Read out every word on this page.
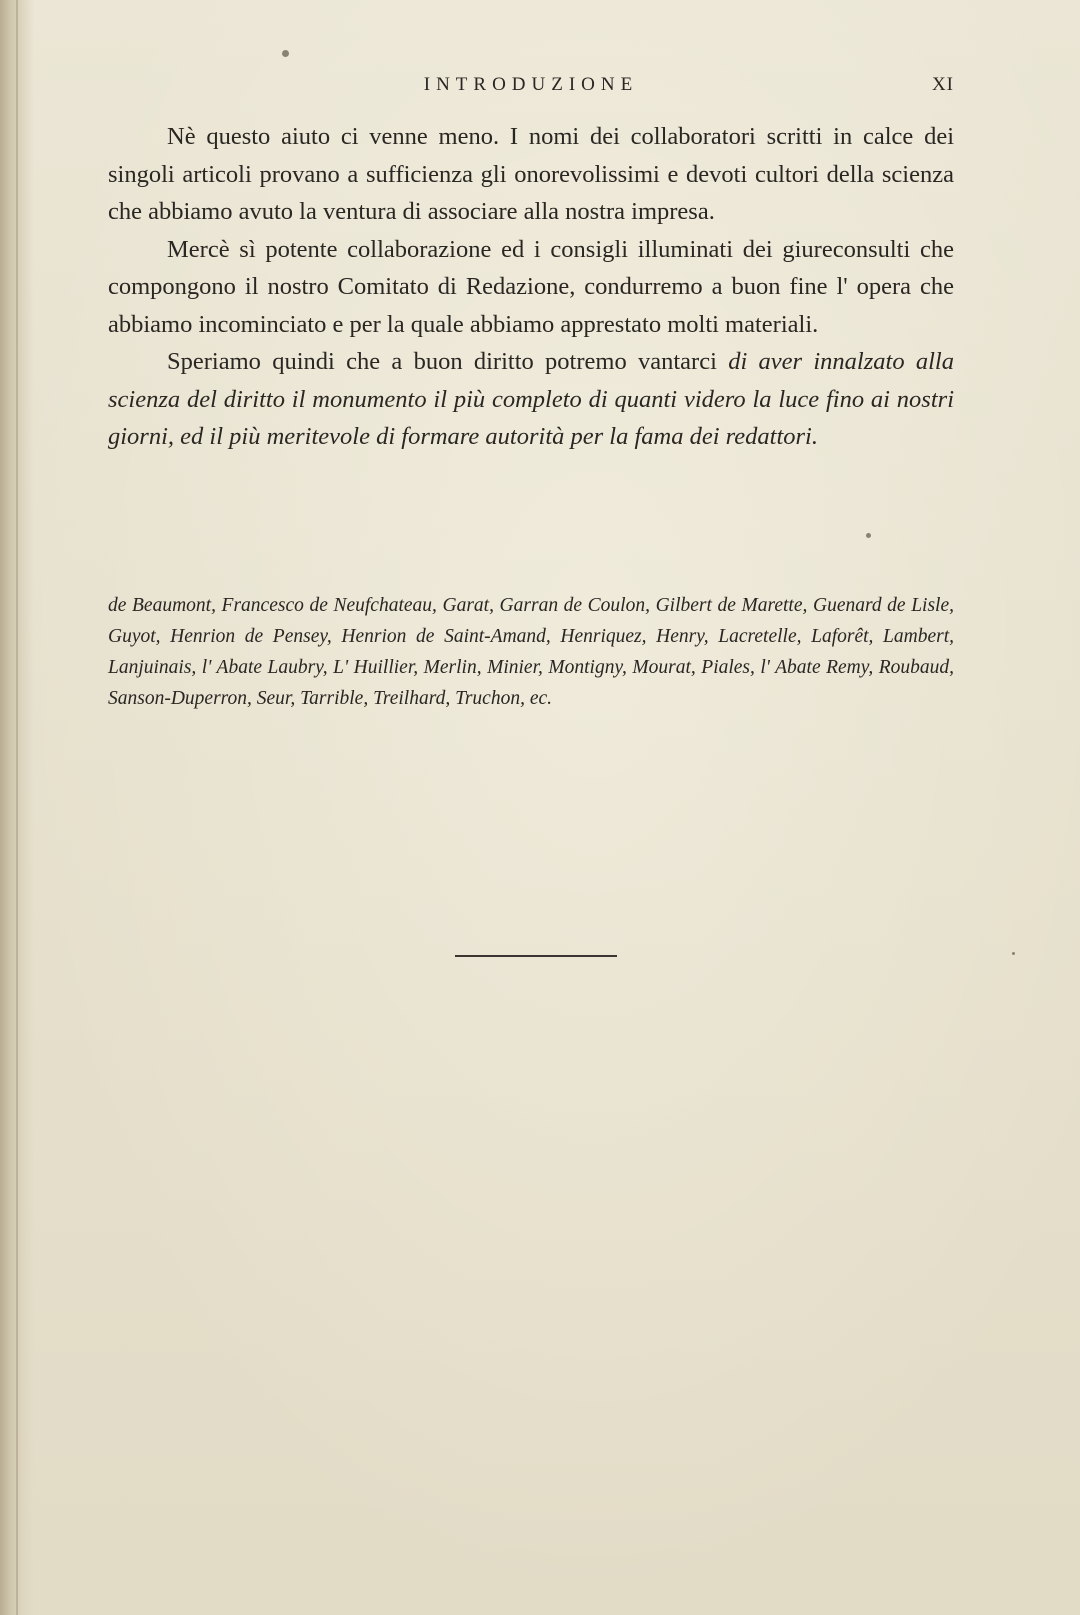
INTRODUZIONE	XI

Nè questo aiuto ci venne meno. I nomi dei collaboratori scritti in calce dei singoli articoli provano a sufficienza gli onorevolissimi e devoti cultori della scienza che abbiamo avuto la ventura di associare alla nostra impresa.

Mercè sì potente collaborazione ed i consigli illuminati dei giureconsulti che compongono il nostro Comitato di Redazione, condurremo a buon fine l' opera che abbiamo incominciato e per la quale abbiamo apprestato molti materiali.

Speriamo quindi che a buon diritto potremo vantarci di aver innalzato alla scienza del diritto il monumento il più completo di quanti videro la luce fino ai nostri giorni, ed il più meritevole di formare autorità per la fama dei redattori.

de Beaumont, Francesco de Neufchateau, Garat, Garran de Coulon, Gilbert de Marette, Guenard de Lisle, Guyot, Henrion de Pensey, Henrion de Saint-Amand, Henriquez, Henry, Lacretelle, Laforêt, Lambert, Lanjuinais, l' Abate Laubry, L' Huillier, Merlin, Minier, Montigny, Mourat, Piales, l' Abate Remy, Roubaud, Sanson-Duperron, Seur, Tarrible, Treilhard, Truchon, ec.
